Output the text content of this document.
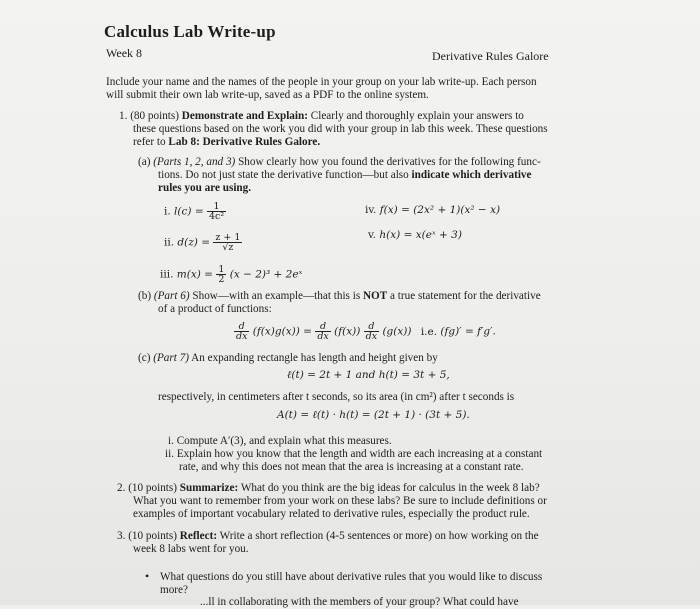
Calculus Lab Write-up
Week 8	Derivative Rules Galore
Include your name and the names of the people in your group on your lab write-up. Each person
will submit their own lab write-up, saved as a PDF to the online system.
1. (80 points) Demonstrate and Explain: Clearly and thoroughly explain your answers to
these questions based on the work you did with your group in lab this week. These questions
refer to Lab 8: Derivative Rules Galore.
(a) (Parts 1, 2, and 3) Show clearly how you found the derivatives for the following func-
tions. Do not just state the derivative function—but also indicate which derivative
rules you are using.
i. $l(c) = \frac{1}{\text{4c²}}$
ii. $d(z) = \frac{z + 1}{√z}$
iii. $m(x) = \frac{1}{2} (x - 2)^3$ + 2eˣ
iv. f(x) = (2x² + 1)(x² − x)
v. h(x) = x(eˣ + 3)
(b) (Part 6) Show—with an example—that this is NOT a true statement for the derivative
of a product of functions:
$\frac{d}{dx} (f(x)g(x)) = \frac{d}{dx} (f(x)) \frac{d}{dx} (g(x))$ i.e. (fg)′ = f′g′.
(c) (Part 7) An expanding rectangle has length and height given by
ℓ(t) = 2t + 1 and h(t) = 3t + 5,
respectively, in centimeters after t seconds, so its area (in cm²) after t seconds is
A(t) = ℓ(t) · h(t) = (2t + 1) · (3t + 5).
i. Compute A′(3), and explain what this measures.
ii. Explain how you know that the length and width are each increasing at a constant
rate, and why this does not mean that the area is increasing at a constant rate.
2. (10 points) Summarize: What do you think are the big ideas for calculus in the week 8 lab?
What you want to remember from your work on these labs? Be sure to include definitions or
examples of important vocabulary related to derivative rules, especially the product rule.
3. (10 points) Reflect: Write a short reflection (4-5 sentences or more) on how working on the
week 8 labs went for you.
• What questions do you still have about derivative rules that you would like to discuss
more?
...ll in collaborating with the members of your group? What could have
